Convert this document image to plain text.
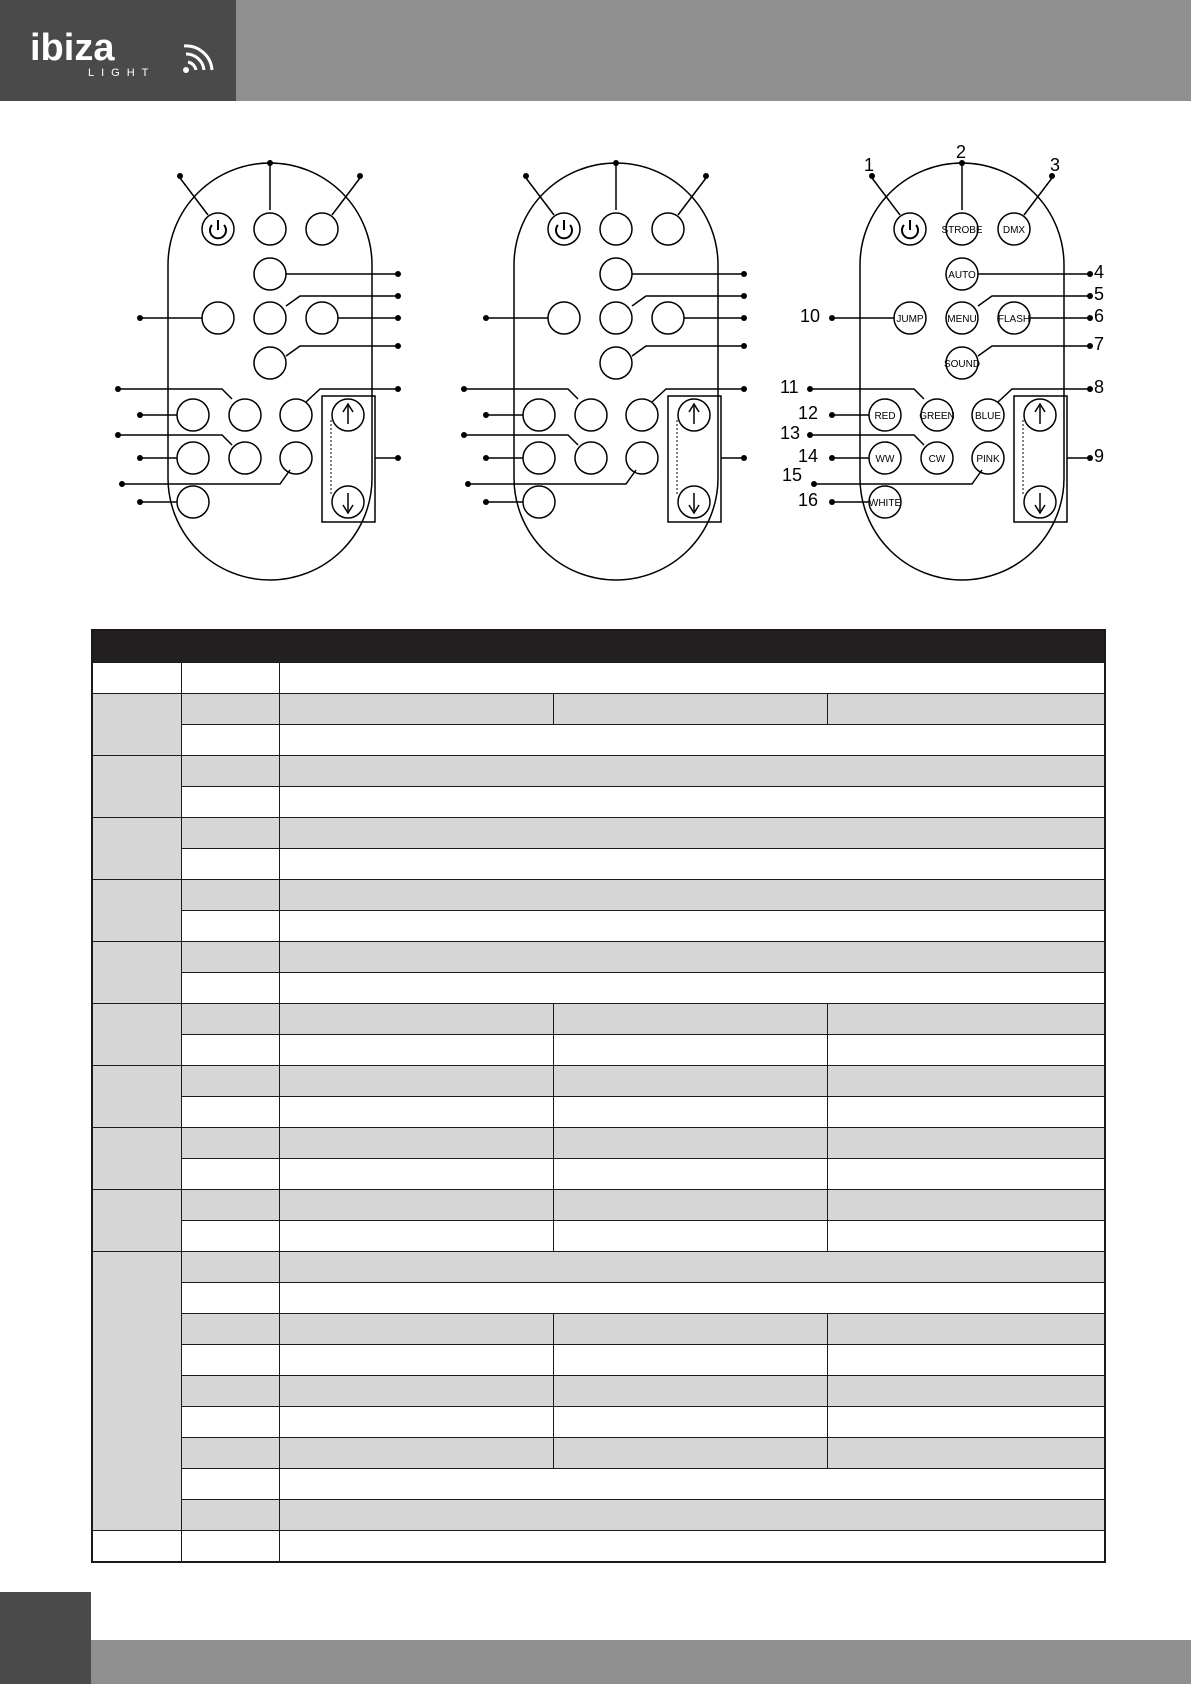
ibiza
LIGHT
STROBE DMX
AUTO
JUMP MENU FLASH
SOUND
RED GREEN BLUE
WW	CW	PINK
WHITE
1
2
3
4
5
6
7
8
9
10
11
12
13
14
15
16
